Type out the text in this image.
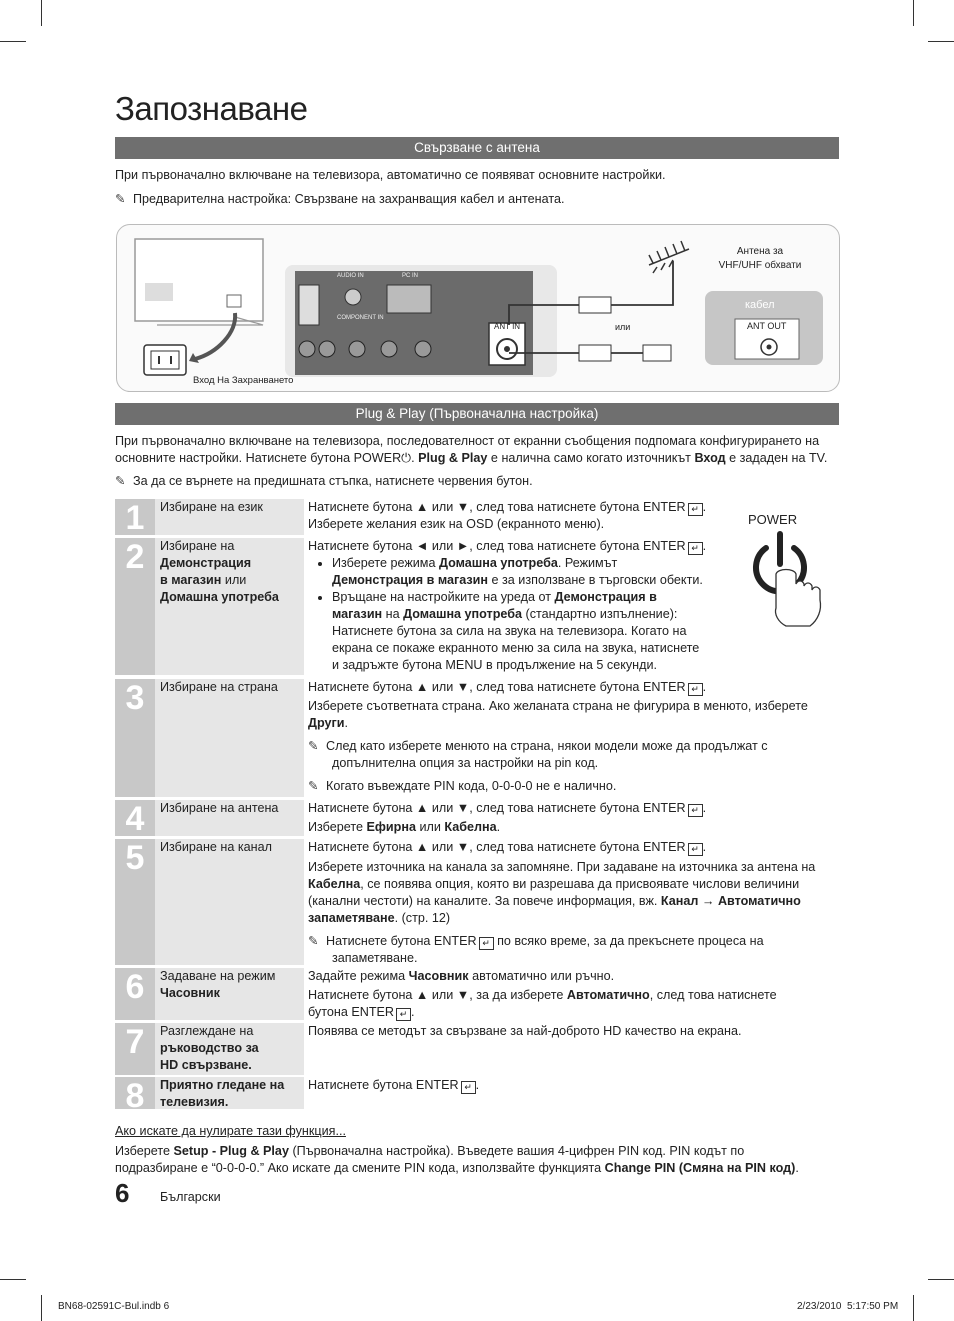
Запознаване
Свързване с антена
При първоначално включване на телевизора, автоматично се появяват основните настройки.
✎ Предварителна настройка: Свързване на захранващия кабел и антената.
Антена за
VHF/UHF обхвати
кабел
ANT OUT
ANT IN	или
Вход На Захранването
COMPONENT IN
PC IN
AUDIO IN
Plug & Play (Първоначална настройка)
При първоначално включване на телевизора, последователност от екранни съобщения подпомага конфигурирането на
основните настройки. Натиснете бутона POWER⏻. Plug & Play е налична само когато източникът Вход е зададен на TV.
✎ За да се върнете на предишната стъпка, натиснете червения бутон.
POWER
1	Избиране на език	Натиснете бутона ▲ или ▼, след това натиснете бутона ENTER ↵ .

Изберете желания език на OSD (екранното меню).

2	Избиране на
Демонстрация
в магазин или
Домашна употреба

Натиснете бутона ◄ или ►, след това натиснете бутона ENTER ↵ .

• Изберете режима Домашна употреба. Режимът
Демонстрация в магазин е за използване в търговски обекти.
• Връщане на настройките на уреда от Демонстрация в
магазин на Домашна употреба (стандартно изпълнение):
Натиснете бутона за сила на звука на телевизора. Когато на
екрана се покаже екранното меню за сила на звука, натиснете
и задръжте бутона MENU в продължение на 5 секунди.
3	Избиране на страна	Натиснете бутона ▲ или ▼, след това натиснете бутона ENTER ↵ .

Изберете съответната страна. Ако желаната страна не фигурира в менюто, изберете
Други.

✎ След като изберете менюто на страна, някои модели може да продължат с
допълнителна опция за настройки на pin код.

✎ Когато въвеждате PIN кода, 0-0-0-0 не е налично.

4	Избиране на антена	Натиснете бутона ▲ или ▼, след това натиснете бутона ENTER ↵ .

Изберете Ефирна или Кабелна.

5	Избиране на канал	Натиснете бутона ▲ или ▼, след това натиснете бутона ENTER ↵ .

Изберете източника на канала за запомняне. При задаване на източника за антена на
Кабелна, се появява опция, която ви разрешава да присвоявате числови величини
(канални честоти) на каналите. За повече информация, вж. Канал → Автоматично
запаметяване. (стр. 12)

✎ Натиснете бутона ENTER ↵ по всяко време, за да прекъснете процеса на
запаметяване.

6	Задаване на режим
Часовник

Задайте режима Часовник автоматично или ръчно.

Натиснете бутона ▲ или ▼, за да изберете Автоматично, след това натиснете
бутона ENTER ↵ .

7	Разглеждане на
ръководство за
HD свързване.

Появява се методът за свързване за най-доброто HD качество на екрана.

8	Приятно гледане на телевизия.

Натиснете бутона ENTER ↵ .

Ако искате да нулирате тази функция...
Изберете Setup - Plug & Play (Първоначална настройка). Въведете вашия 4-цифрен PIN код. PIN кодът по
подразбиране е “0-0-0-0.” Ако искате да смените PIN кода, използвайте функцията Change PIN (Смяна на PIN код).
6 Български
BN68-02591C-Bul.indb 6	2/23/2010 5:17:50 PM
